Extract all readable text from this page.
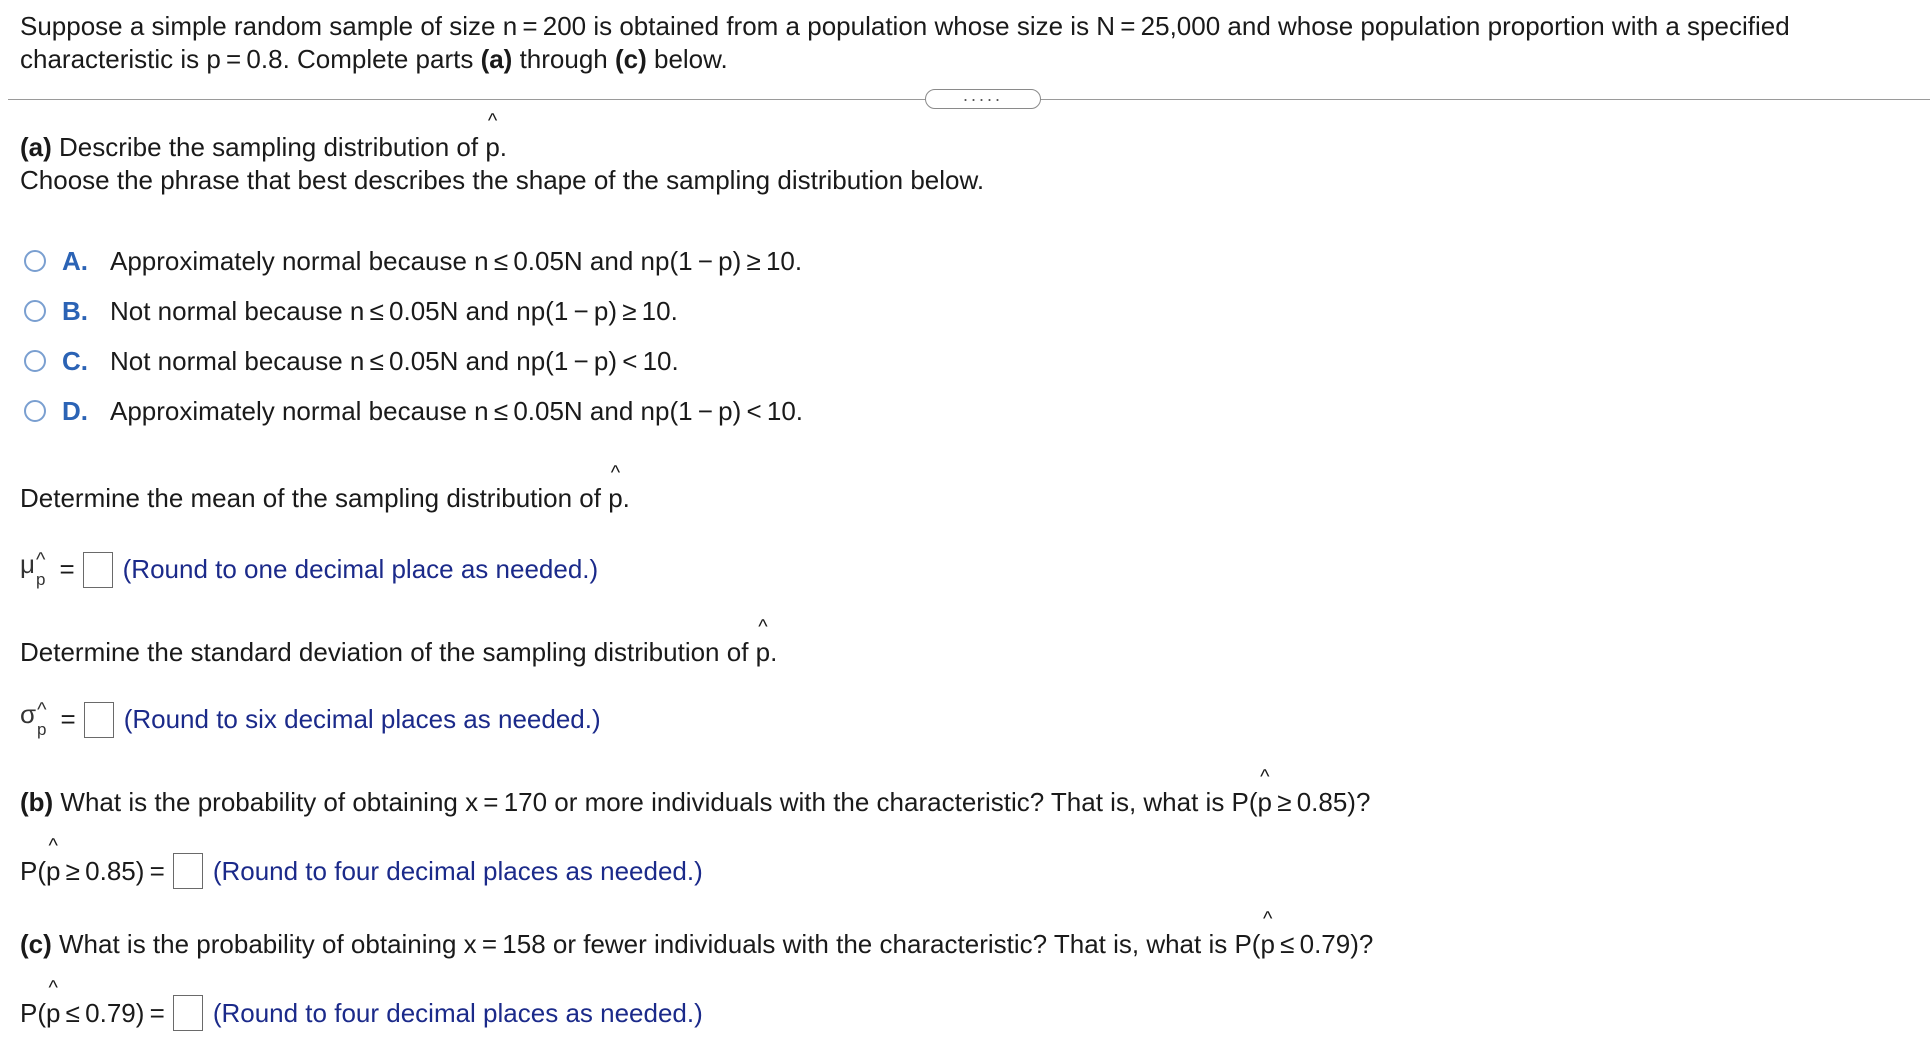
Suppose a simple random sample of size n = 200 is obtained from a population whose size is N = 25,000 and whose population proportion with a specified
characteristic is p = 0.8. Complete parts (a) through (c) below.
.....
(a) Describe the sampling distribution of ^ p.
Choose the phrase that best describes the shape of the sampling distribution below.
A. Approximately normal because n ≤ 0.05N and np(1 − p) ≥ 10.
B. Not normal because n ≤ 0.05N and np(1 − p) ≥ 10.
C. Not normal because n ≤ 0.05N and np(1 − p) < 10.
D. Approximately normal because n ≤ 0.05N and np(1 − p) < 10.
Determine the mean of the sampling distribution of ^ p.
μ^ p = (Round to one decimal place as needed.)
Determine the standard deviation of the sampling distribution of ^ p.
σ^ p = (Round to six decimal places as needed.)
(b) What is the probability of obtaining x = 170 or more individuals with the characteristic? That is, what is P(^ p ≥ 0.85)?
P( ^ p  ≥ 0.85) = (Round to four decimal places as needed.)
(c) What is the probability of obtaining x = 158 or fewer individuals with the characteristic? That is, what is P(^ p ≤ 0.79)?
P( ^ p  ≤ 0.79) = (Round to four decimal places as needed.)
